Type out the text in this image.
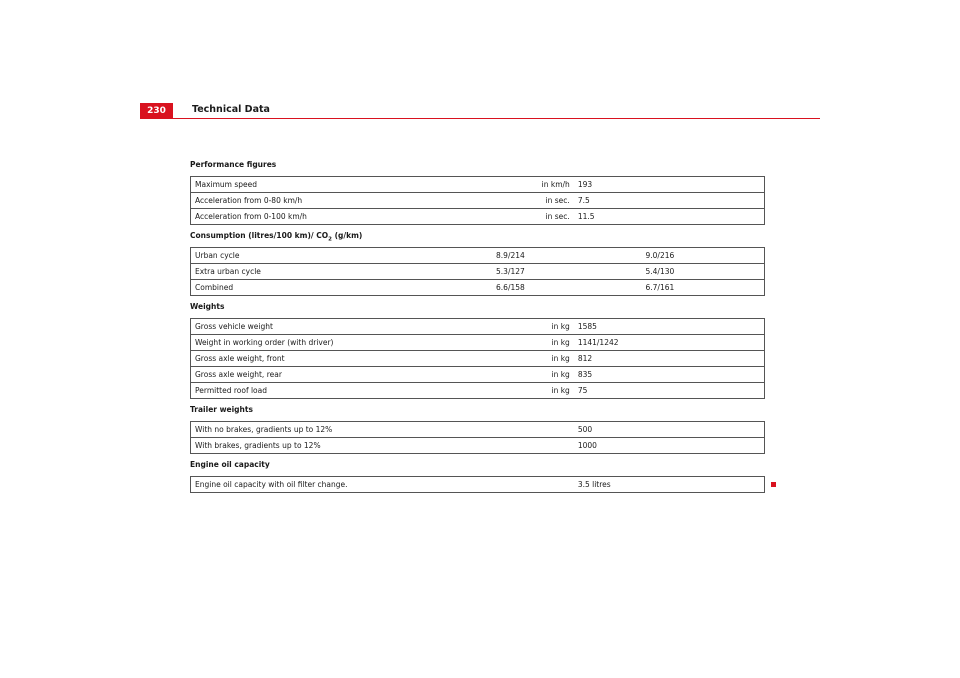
230	Technical Data
Performance figures
Maximum speed in km/h	193
Acceleration from 0-80 km/h in sec.	7.5
Acceleration from 0-100 km/h in sec.	11.5
Consumption (litres/100 km)/ $CO_2$ (g/km)
Urban cycle	8.9/214	9.0/216
Extra urban cycle	5.3/127	5.4/130
Combined	6.6/158	6.7/161
Weights
Gross vehicle weight in kg	1585
Weight in working order (with driver) in kg	1141/1242
Gross axle weight, front in kg	812
Gross axle weight, rear in kg	835
Permitted roof load in kg	75
Trailer weights
With no brakes, gradients up to 12%	500
With brakes, gradients up to 12%	1000
Engine oil capacity
Engine oil capacity with oil filter change.	3.5 litres
